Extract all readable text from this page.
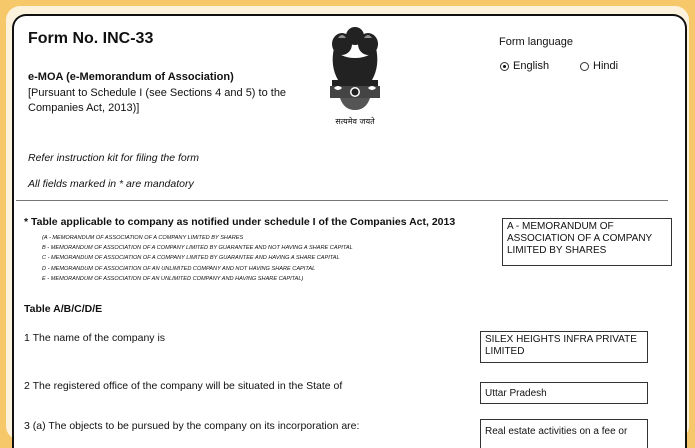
Form No. INC-33
e-MOA (e-Memorandum of Association)
[Pursuant to Schedule I (see Sections 4 and 5) to the Companies Act, 2013)]
सत्यमेव जयते
Form language
English	Hindi
Refer instruction kit for filing the form
All fields marked in * are mandatory
* Table applicable to company as notified under schedule I of the Companies Act, 2013
(A - MEMORANDUM OF ASSOCIATION OF A COMPANY LIMITED BY SHARES
B - MEMORANDUM OF ASSOCIATION OF A COMPANY LIMITED BY GUARANTEE AND NOT HAVING A SHARE CAPITAL
C - MEMORANDUM OF ASSOCIATION OF A COMPANY LIMITED BY GUARANTEE AND HAVING A SHARE CAPITAL
D - MEMORANDUM OF ASSOCIATION OF AN UNLIMITED COMPANY AND NOT HAVING SHARE CAPITAL
E - MEMORANDUM OF ASSOCIATION OF AN UNLIMITED COMPANY AND HAVING SHARE CAPITAL)
A - MEMORANDUM OF ASSOCIATION OF A COMPANY LIMITED BY SHARES
Table A/B/C/D/E
1 The name of the company is	SILEX HEIGHTS INFRA PRIVATE LIMITED
2 The registered office of the company will be situated in the State of
Uttar Pradesh
3 (a) The objects to be pursued by the company on its incorporation are:	Real estate activities on a fee or
